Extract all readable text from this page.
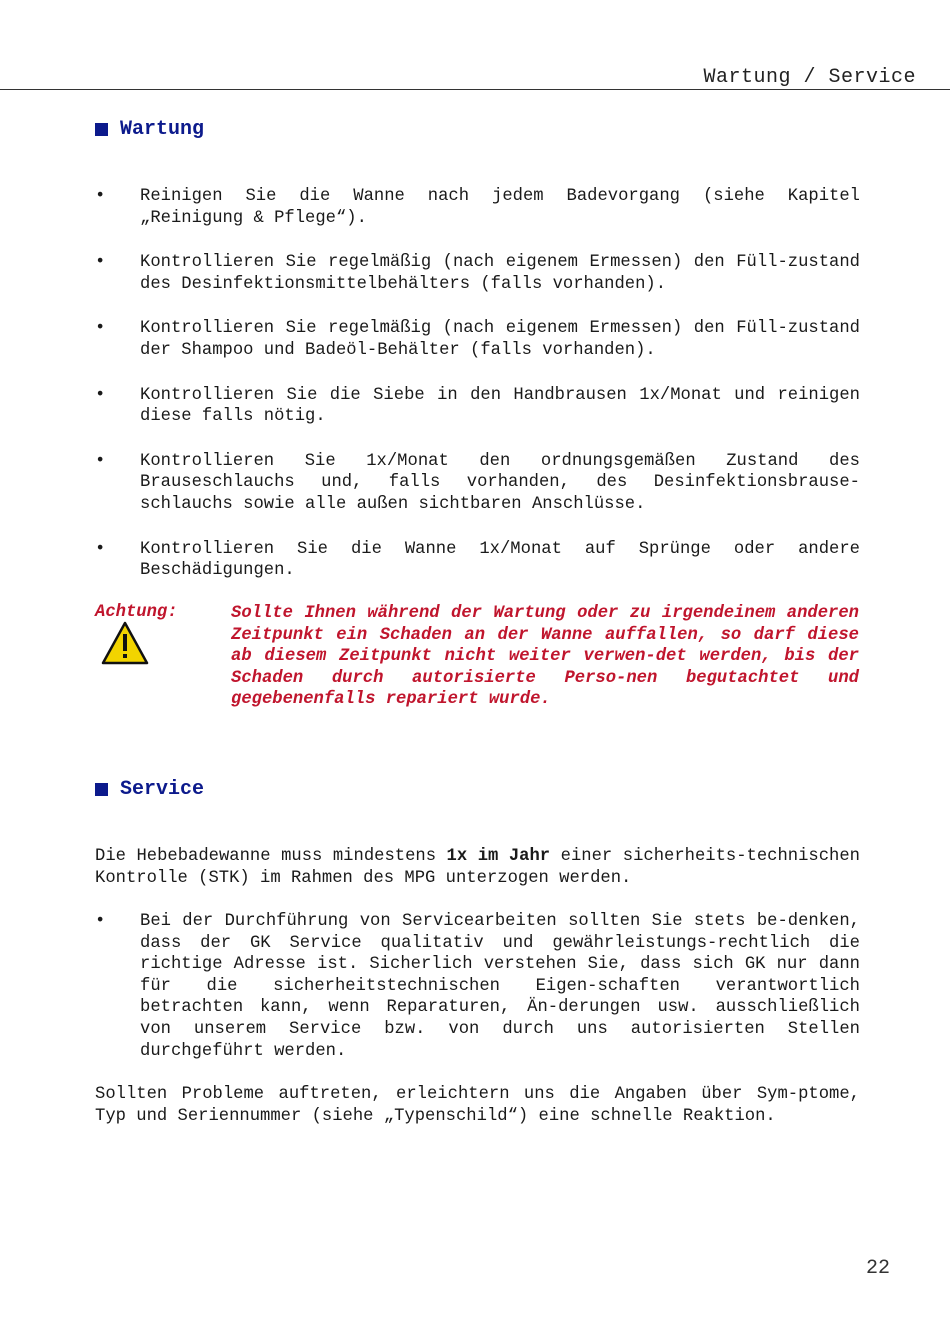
Wartung / Service
Wartung
• Reinigen Sie die Wanne nach jedem Badevorgang (siehe Kapitel „Reinigung & Pflege“).
• Kontrollieren Sie regelmäßig (nach eigenem Ermessen) den Füll-zustand des Desinfektionsmittelbehälters (falls vorhanden).
• Kontrollieren Sie regelmäßig (nach eigenem Ermessen) den Füll-zustand der Shampoo und Badeöl-Behälter (falls vorhanden).
• Kontrollieren Sie die Siebe in den Handbrausen 1x/Monat und reinigen diese falls nötig.
• Kontrollieren Sie 1x/Monat den ordnungsgemäßen Zustand des Brauseschlauchs und, falls vorhanden, des Desinfektionsbrause-schlauchs sowie alle außen sichtbaren Anschlüsse.
• Kontrollieren Sie die Wanne 1x/Monat auf Sprünge oder andere Beschädigungen.
Achtung:	Sollte Ihnen während der Wartung oder zu irgendeinem anderen Zeitpunkt ein Schaden an der Wanne auffallen, so darf diese ab diesem Zeitpunkt nicht weiter verwen-det werden, bis der Schaden durch autorisierte Perso-nen begutachtet und gegebenenfalls repariert wurde.
Service

Die Hebebadewanne muss mindestens 1x im Jahr einer sicherheits-technischen Kontrolle (STK) im Rahmen des MPG unterzogen werden.

• Bei der Durchführung von Servicearbeiten sollten Sie stets be-denken, dass der GK Service qualitativ und gewährleistungs-rechtlich die richtige Adresse ist. Sicherlich verstehen Sie, dass sich GK nur dann für die sicherheitstechnischen Eigen-schaften verantwortlich betrachten kann, wenn Reparaturen, Än-derungen usw. ausschließlich von unserem Service bzw. von durch uns autorisierten Stellen durchgeführt werden.

Sollten Probleme auftreten, erleichtern uns die Angaben über Sym-ptome, Typ und Seriennummer (siehe „Typenschild“) eine schnelle Reaktion.

22
